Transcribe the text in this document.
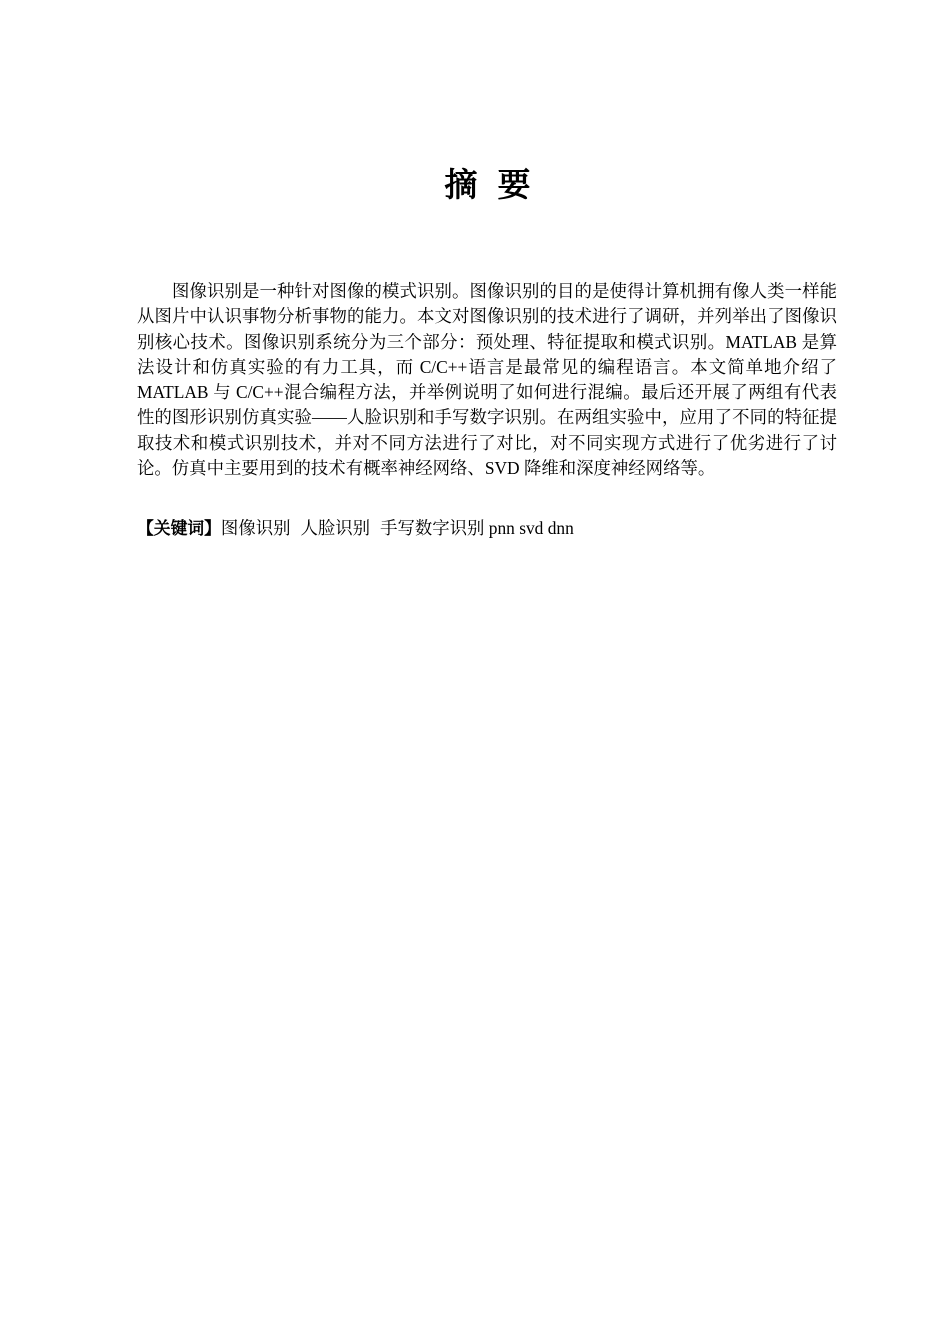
摘 要

图像识别是一种针对图像的模式识别。图像识别的目的是使得计算机拥有像人类一样能从图片中认识事物分析事物的能力。本文对图像识别的技术进行了调研，并列举出了图像识别核心技术。图像识别系统分为三个部分：预处理、特征提取和模式识别。MATLAB 是算法设计和仿真实验的有力工具，而 C/C++语言是最常见的编程语言。本文简单地介绍了 MATLAB 与 C/C++混合编程方法，并举例说明了如何进行混编。最后还开展了两组有代表性的图形识别仿真实验——人脸识别和手写数字识别。在两组实验中，应用了不同的特征提取技术和模式识别技术，并对不同方法进行了对比，对不同实现方式进行了优劣进行了讨论。仿真中主要用到的技术有概率神经网络、SVD 降维和深度神经网络等。

【关键词】图像识别 人脸识别 手写数字识别 pnn svd dnn
